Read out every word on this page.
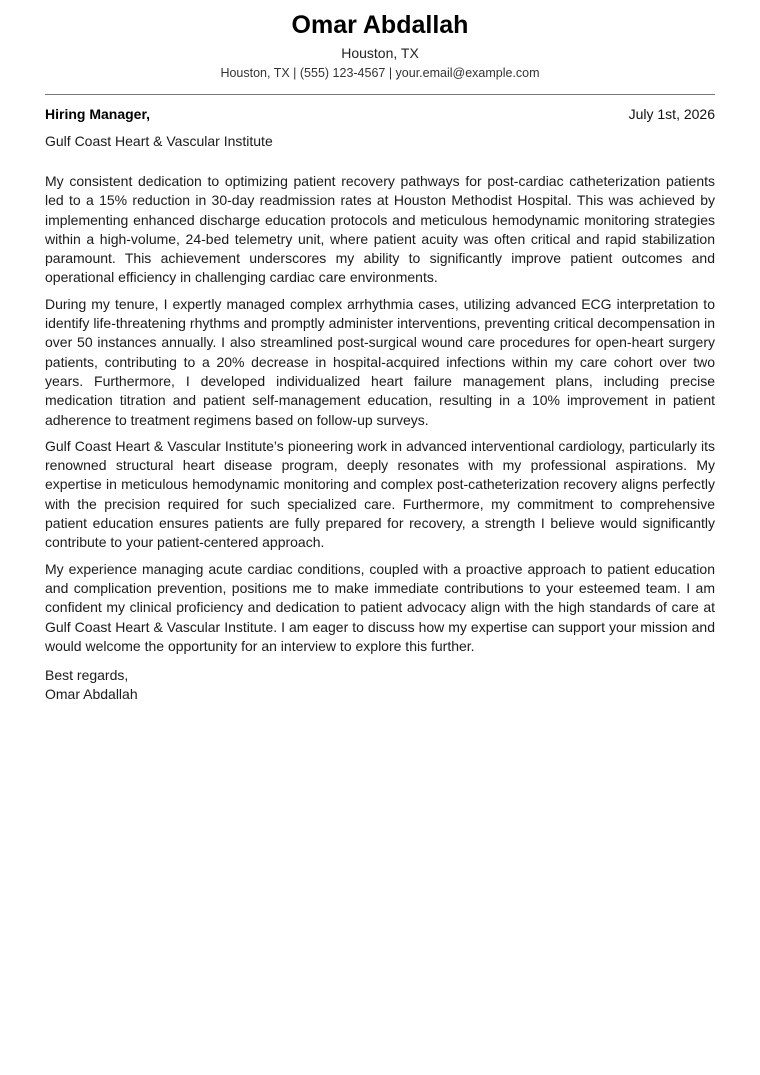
Omar Abdallah
Houston, TX
Houston, TX | (555) 123-4567 | your.email@example.com
Hiring Manager,	July 1st, 2026
Gulf Coast Heart & Vascular Institute

My consistent dedication to optimizing patient recovery pathways for post-cardiac catheterization patients led to a 15% reduction in 30-day readmission rates at Houston Methodist Hospital. This was achieved by implementing enhanced discharge education protocols and meticulous hemodynamic monitoring strategies within a high-volume, 24-bed telemetry unit, where patient acuity was often critical and rapid stabilization paramount. This achievement underscores my ability to significantly improve patient outcomes and operational efficiency in challenging cardiac care environments.

During my tenure, I expertly managed complex arrhythmia cases, utilizing advanced ECG interpretation to identify life-threatening rhythms and promptly administer interventions, preventing critical decompensation in over 50 instances annually. I also streamlined post-surgical wound care procedures for open-heart surgery patients, contributing to a 20% decrease in hospital-acquired infections within my care cohort over two years. Furthermore, I developed individualized heart failure management plans, including precise medication titration and patient self-management education, resulting in a 10% improvement in patient adherence to treatment regimens based on follow-up surveys.

Gulf Coast Heart & Vascular Institute’s pioneering work in advanced interventional cardiology, particularly its renowned structural heart disease program, deeply resonates with my professional aspirations. My expertise in meticulous hemodynamic monitoring and complex post-catheterization recovery aligns perfectly with the precision required for such specialized care. Furthermore, my commitment to comprehensive patient education ensures patients are fully prepared for recovery, a strength I believe would significantly contribute to your patient-centered approach.

My experience managing acute cardiac conditions, coupled with a proactive approach to patient education and complication prevention, positions me to make immediate contributions to your esteemed team. I am confident my clinical proficiency and dedication to patient advocacy align with the high standards of care at Gulf Coast Heart & Vascular Institute. I am eager to discuss how my expertise can support your mission and would welcome the opportunity for an interview to explore this further.

Best regards,
Omar Abdallah
